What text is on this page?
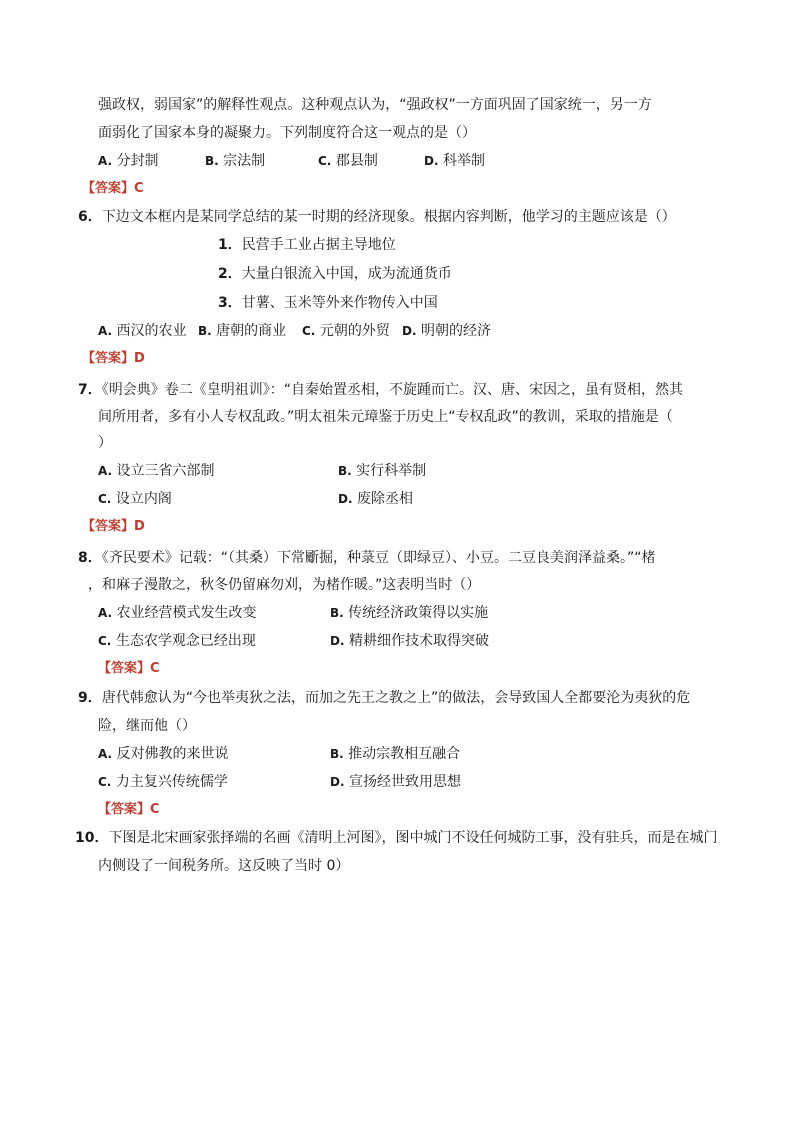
强政权，弱国家”的解释性观点。这种观点认为，“强政权”一方面巩固了国家统一，另一方
面弱化了国家本身的凝聚力。下列制度符合这一观点的是（）
A. 分封制	B. 宗法制	C. 郡县制	D. 科举制
【答案】C
6．下边文本框内是某同学总结的某一时期的经济现象。根据内容判断，他学习的主题应该是（）
1．民营手工业占据主导地位
2．大量白银流入中国，成为流通货币
3．甘薯、玉米等外来作物传入中国
A. 西汉的农业 B. 唐朝的商业 C. 元朝的外贸 D. 明朝的经济
【答案】D
7．《明会典》卷二《皇明祖训》：“自秦始置丞相，不旋踵而亡。汉、唐、宋因之，虽有贤相，然其
间所用者，多有小人专权乱政。”明太祖朱元璋鉴于历史上“专权乱政”的教训，采取的措施是（
）
A. 设立三省六部制	B. 实行科举制
C. 设立内阁	D. 废除丞相
【答案】D
8．《齐民要术》记载：“（其桑）下常斸掘，种菉豆（即绿豆）、小豆。二豆良美润泽益桑。”“楮
，和麻子漫散之，秋冬仍留麻勿刈，为楮作暖。”这表明当时（）
A. 农业经营模式发生改变	B. 传统经济政策得以实施
C. 生态农学观念已经出现	D. 精耕细作技术取得突破
【答案】C
9．唐代韩愈认为“今也举夷狄之法，而加之先王之教之上”的做法，会导致国人全都要沦为夷狄的危
险，继而他（）
A. 反对佛教的来世说	B. 推动宗教相互融合
C. 力主复兴传统儒学	D. 宣扬经世致用思想
【答案】C
10．下图是北宋画家张择端的名画《清明上河图》，图中城门不设任何城防工事，没有驻兵，而是在城门
内侧设了一间税务所。这反映了当时 0）
